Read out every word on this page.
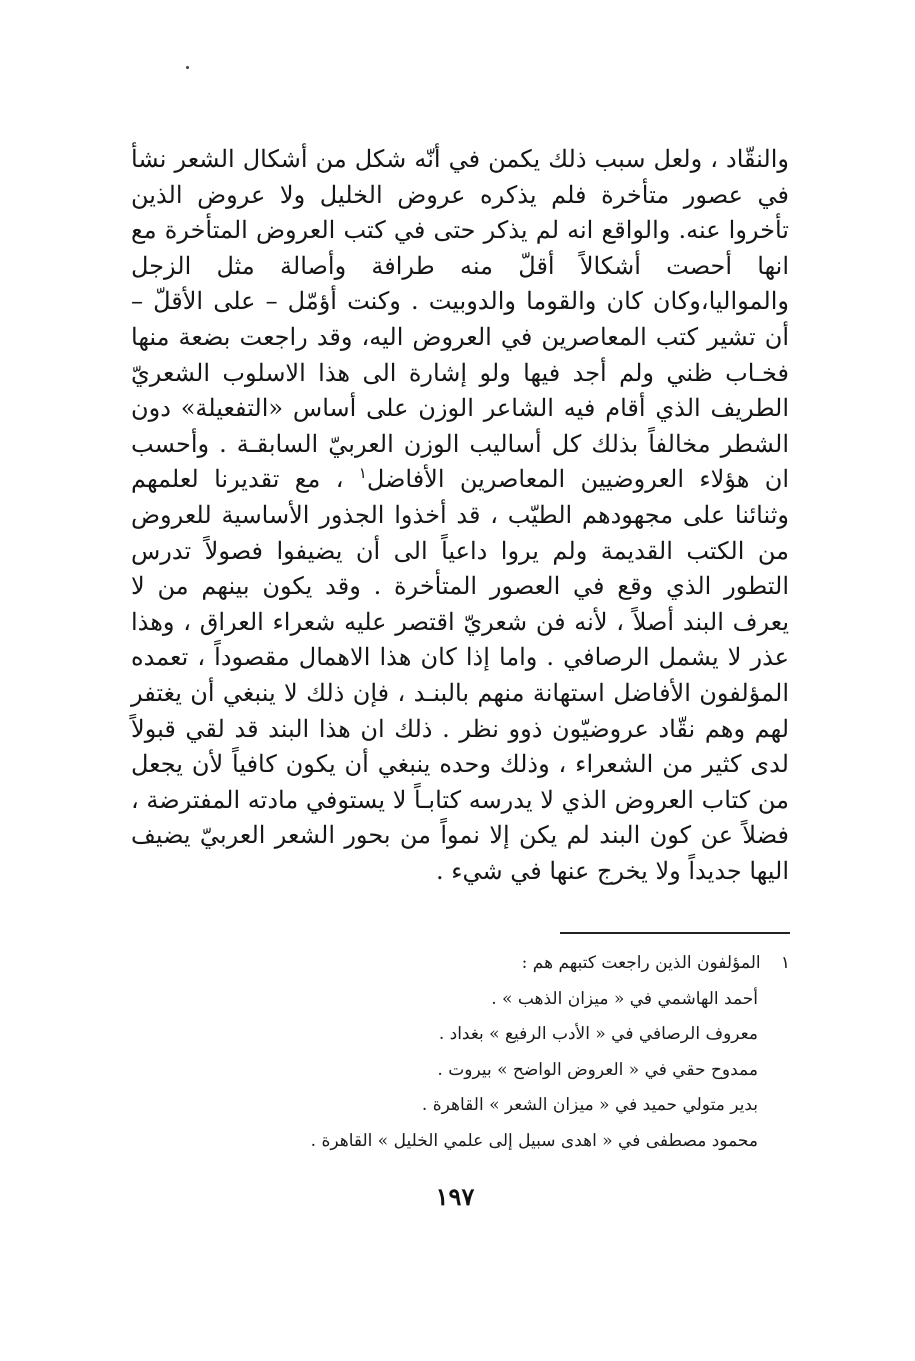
والنقّاد ، ولعل سبب ذلك يكمن في أنّه شكل من أشكال الشعر نشأ في عصور متأخرة فلم يذكره عروض الخليل ولا عروض الذين تأخروا عنه. والواقع انه لم يذكر حتى في كتب العروض المتأخرة مع انها أحصت أشكالاً أقلّ منه طرافة وأصالة مثل الزجل والمواليا،وكان كان والقوما والدوبيت . وكنت أؤمّل – على الأقلّ – أن تشير كتب المعاصرين في العروض اليه، وقد راجعت بضعة منها فخـاب ظني ولم أجد فيها ولو إشارة الى هذا الاسلوب الشعريّ الطريف الذي أقام فيه الشاعر الوزن على أساس «التفعيلة» دون الشطر مخالفاً بذلك كل أساليب الوزن العربيّ السابقـة . وأحسب ان هؤلاء العروضيين المعاصرين الأفاضل$^١$ ، مع تقديرنا لعلمهم وثنائنا على مجهودهم الطيّب ، قد أخذوا الجذور الأساسية للعروض من الكتب القديمة ولم يروا داعياً الى أن يضيفوا فصولاً تدرس التطور الذي وقع في العصور المتأخرة . وقد يكون بينهم من لا يعرف البند أصلاً ، لأنه فن شعريّ اقتصر عليه شعراء العراق ، وهذا عذر لا يشمل الرصافي . واما إذا كان هذا الاهمال مقصوداً ، تعمده المؤلفون الأفاضل استهانة منهم بالبنـد ، فإن ذلك لا ينبغي أن يغتفر لهم وهم نقّاد عروضيّون ذوو نظر . ذلك ان هذا البند قد لقي قبولاً لدى كثير من الشعراء ، وذلك وحده ينبغي أن يكون كافياً لأن يجعل من كتاب العروض الذي لا يدرسه كتابـاً لا يستوفي مادته المفترضة ، فضلاً عن كون البند لم يكن إلا نمواً من بحور الشعر العربيّ يضيف اليها جديداً ولا يخرج عنها في شيء .

١ المؤلفون الذين راجعت كتبهم هم :
أحمد الهاشمي في « ميزان الذهب » .
معروف الرصافي في « الأدب الرفيع » بغداد .
ممدوح حقي في « العروض الواضح » بيروت .
بدير متولي حميد في « ميزان الشعر » القاهرة .
محمود مصطفى في « اهدى سبيل إلى علمي الخليل » القاهرة .
١٩٧
